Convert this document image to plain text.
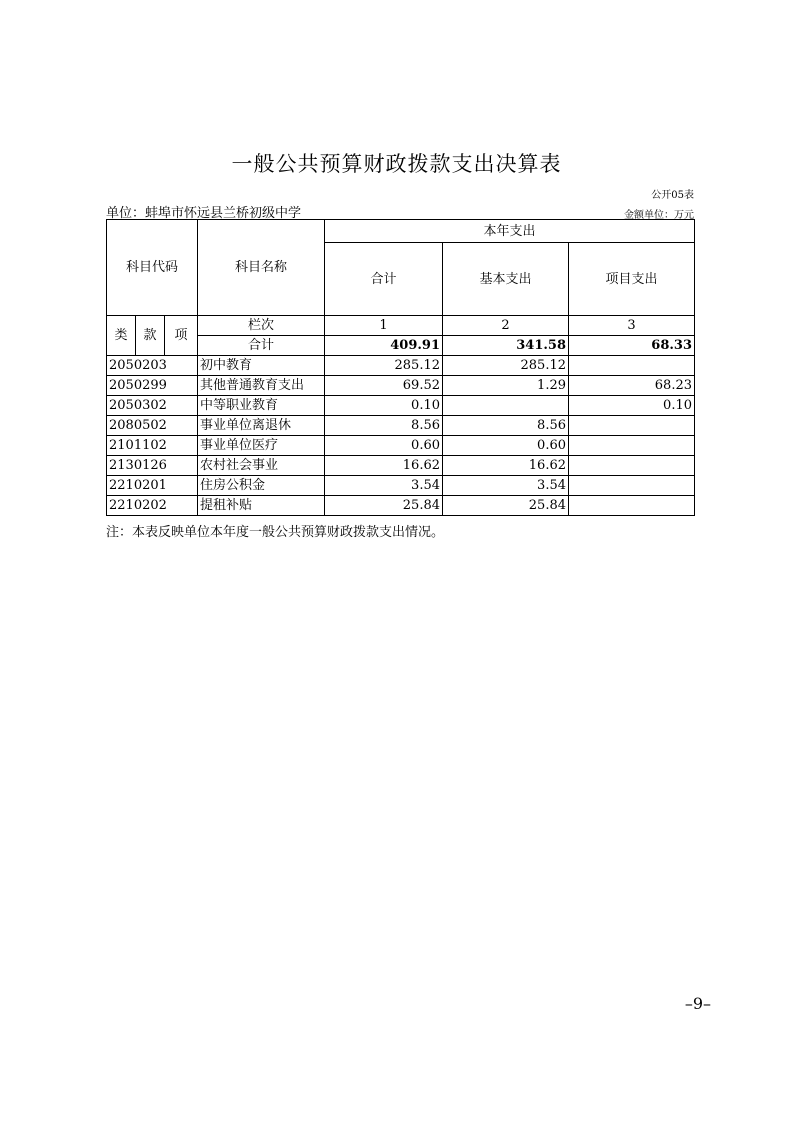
一般公共预算财政拨款支出决算表
公开05表
单位：蚌埠市怀远县兰桥初级中学	金额单位：万元
科目代码			科目名称	本年支出		
				合计	基本支出	项目支出
类	款	项	栏次	1	2	3
			合计	409.91	341.58	68.33
2050203			初中教育	285.12	285.12	
2050299			其他普通教育支出	69.52	1.29	68.23
2050302			中等职业教育	0.10		0.10
2080502			事业单位离退休	8.56	8.56	
2101102			事业单位医疗	0.60	0.60	
2130126			农村社会事业	16.62	16.62	
2210201			住房公积金	3.54	3.54	
2210202			提租补贴	25.84	25.84	
注：本表反映单位本年度一般公共预算财政拨款支出情况。
–9–
